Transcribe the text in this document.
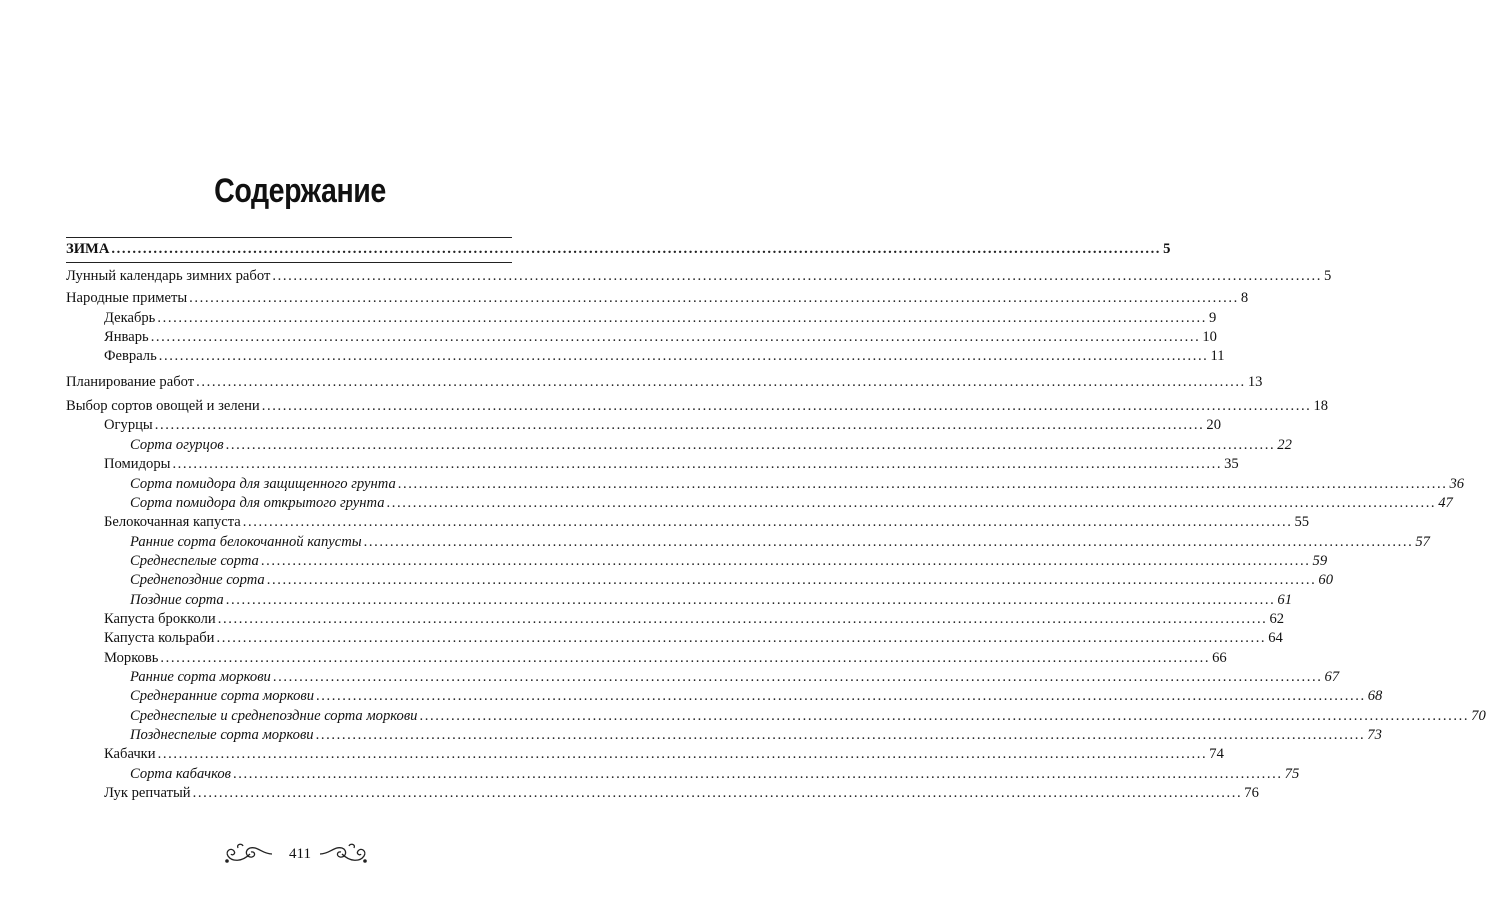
Содержание
ЗИМА ........................................................................................................................................................................................................ 5
Лунный календарь зимних работ ........................................................................................................................................................................................................ 5
Народные приметы ........................................................................................................................................................................................................ 8
Декабрь ........................................................................................................................................................................................................ 9
Январь ........................................................................................................................................................................................................ 10
Февраль ........................................................................................................................................................................................................ 11
Планирование работ ........................................................................................................................................................................................................ 13
Выбор сортов овощей и зелени ........................................................................................................................................................................................................ 18
Огурцы ........................................................................................................................................................................................................ 20
Сорта огурцов ........................................................................................................................................................................................................ 22
Помидоры ........................................................................................................................................................................................................ 35
Сорта помидора для защищенного грунта ........................................................................................................................................................................................................ 36
Сорта помидора для открытого грунта ........................................................................................................................................................................................................ 47
Белокочанная капуста ........................................................................................................................................................................................................ 55
Ранние сорта белокочанной капусты ........................................................................................................................................................................................................ 57
Среднеспелые сорта ........................................................................................................................................................................................................ 59
Среднепоздние сорта ........................................................................................................................................................................................................ 60
Поздние сорта ........................................................................................................................................................................................................ 61
Капуста брокколи ........................................................................................................................................................................................................ 62
Капуста кольраби ........................................................................................................................................................................................................ 64
Морковь ........................................................................................................................................................................................................ 66
Ранние сорта моркови ........................................................................................................................................................................................................ 67
Среднеранние сорта моркови ........................................................................................................................................................................................................ 68
Среднеспелые и среднепоздние сорта моркови ........................................................................................................................................................................................................ 70
Позднеспелые сорта моркови ........................................................................................................................................................................................................ 73
Кабачки ........................................................................................................................................................................................................ 74
Сорта кабачков ........................................................................................................................................................................................................ 75
Лук репчатый ........................................................................................................................................................................................................ 76
411
